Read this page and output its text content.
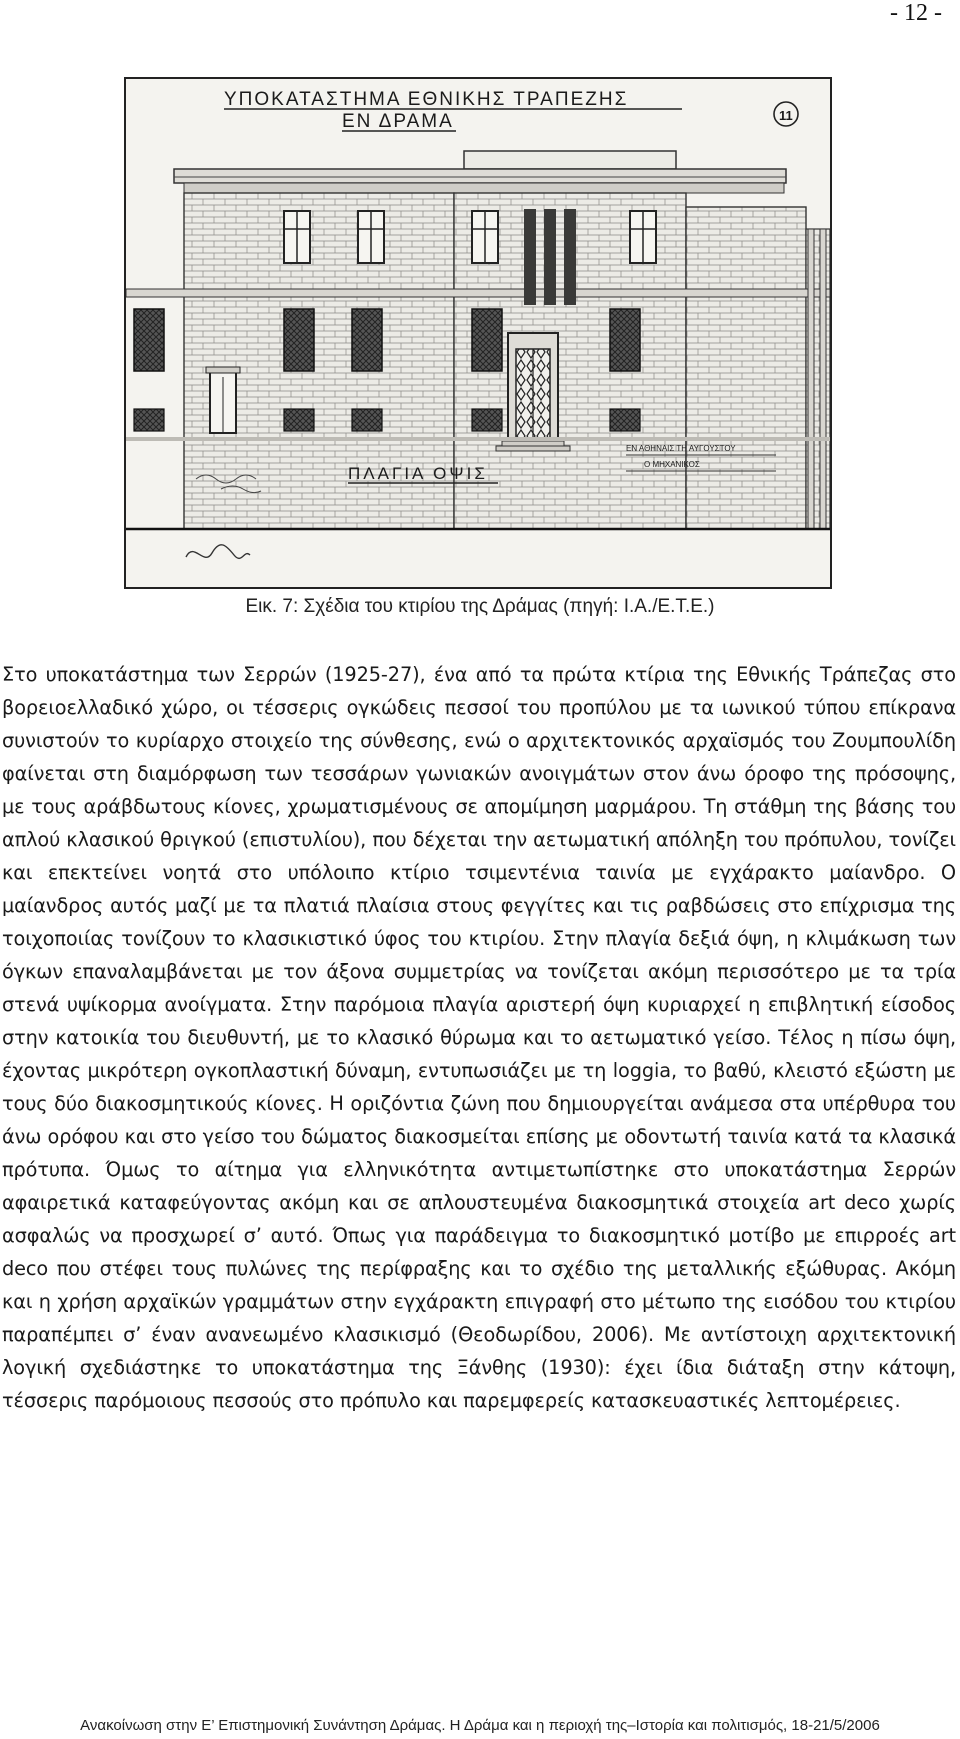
- 12 -
ΥΠΟΚΑΤΑΣΤΗΜΑ ΕΘΝΙΚΗΣ ΤΡΑΠΕΖΗΣ
ΕΝ ΔΡΑΜΑ	11
ΠΛΑΓΙΑ ΟΨΙΣ
ΕΝ ΑΘΗΝΑΙΣ ΤΗ ΑΥΓΟΥΣΤΟΥ
Ο ΜΗΧΑΝΙΚΟΣ
Εικ. 7: Σχέδια του κτιρίου της Δράμας (πηγή: Ι.Α./Ε.Τ.Ε.)

Στο υποκατάστημα των Σερρών (1925-27), ένα από τα πρώτα κτίρια της Εθνικής Τράπεζας στο βορειοελλαδικό χώρο, οι τέσσερις ογκώδεις πεσσοί του προπύλου με τα ιωνικού τύπου επίκρανα συνιστούν το κυρίαρχο στοιχείο της σύνθεσης, ενώ ο αρχιτεκτονικός αρχαϊσμός του Ζουμπουλίδη φαίνεται στη διαμόρφωση των τεσσάρων γωνιακών ανοιγμάτων στον άνω όροφο της πρόσοψης, με τους αράβδωτους κίονες, χρωματισμένους σε απομίμηση μαρμάρου. Τη στάθμη της βάσης του απλού κλασικού θριγκού (επιστυλίου), που δέχεται την αετωματική απόληξη του πρόπυλου, τονίζει και επεκτείνει νοητά στο υπόλοιπο κτίριο τσιμεντένια ταινία με εγχάρακτο μαίανδρο. Ο μαίανδρος αυτός μαζί με τα πλατιά πλαίσια στους φεγγίτες και τις ραβδώσεις στο επίχρισμα της τοιχοποιίας τονίζουν το κλασικιστικό ύφος του κτιρίου. Στην πλαγία δεξιά όψη, η κλιμάκωση των όγκων επαναλαμβάνεται με τον άξονα συμμετρίας να τονίζεται ακόμη περισσότερο με τα τρία στενά υψίκορμα ανοίγματα. Στην παρόμοια πλαγία αριστερή όψη κυριαρχεί η επιβλητική είσοδος στην κατοικία του διευθυντή, με το κλασικό θύρωμα και το αετωματικό γείσο. Τέλος η πίσω όψη, έχοντας μικρότερη ογκοπλαστική δύναμη, εντυπωσιάζει με τη loggia, το βαθύ, κλειστό εξώστη με τους δύο διακοσμητικούς κίονες. Η οριζόντια ζώνη που δημιουργείται ανάμεσα στα υπέρθυρα του άνω ορόφου και στο γείσο του δώματος διακοσμείται επίσης με οδοντωτή ταινία κατά τα κλασικά πρότυπα. Όμως το αίτημα για ελληνικότητα αντιμετωπίστηκε στο υποκατάστημα Σερρών αφαιρετικά καταφεύγοντας ακόμη και σε απλουστευμένα διακοσμητικά στοιχεία art deco χωρίς ασφαλώς να προσχωρεί σ’ αυτό. Όπως για παράδειγμα το διακοσμητικό μοτίβο με επιρροές art deco που στέφει τους πυλώνες της περίφραξης και το σχέδιο της μεταλλικής εξώθυρας. Ακόμη και η χρήση αρχαϊκών γραμμάτων στην εγχάρακτη επιγραφή στο μέτωπο της εισόδου του κτιρίου παραπέμπει σ’ έναν ανανεωμένο κλασικισμό (Θεοδωρίδου, 2006). Με αντίστοιχη αρχιτεκτονική λογική σχεδιάστηκε το υποκατάστημα της Ξάνθης (1930): έχει ίδια διάταξη στην κάτοψη, τέσσερις παρόμοιους πεσσούς στο πρόπυλο και παρεμφερείς κατασκευαστικές λεπτομέρειες.

Ανακοίνωση στην Ε’ Επιστημονική Συνάντηση Δράμας. Η Δράμα και η περιοχή της–Ιστορία και πολιτισμός, 18-21/5/2006
